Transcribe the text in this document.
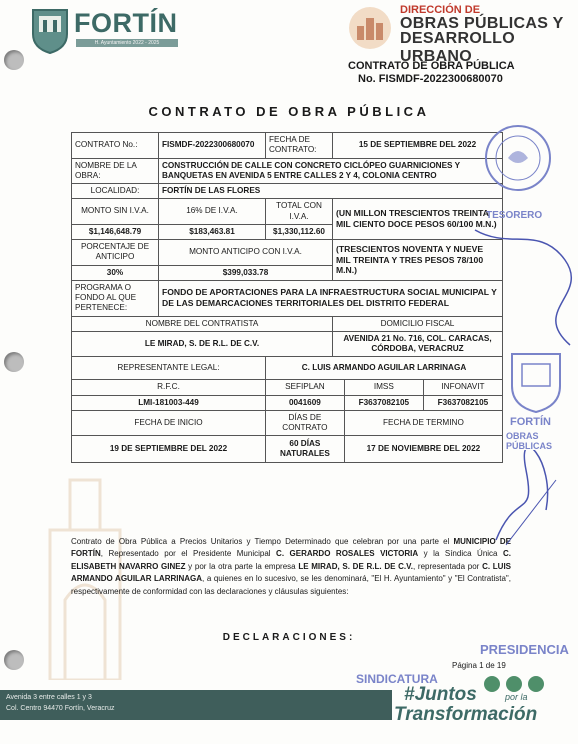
FORTÍN
H. Ayuntamiento 2022 - 2025
DIRECCIÓN DE
OBRAS PÚBLICAS Y
DESARROLLO URBANO
CONTRATO DE OBRA PÚBLICA
No. FISMDF-2022300680070
CONTRATO DE OBRA PÚBLICA
CONTRATO No.:	FISMDF-2022300680070	FECHA DE CONTRATO:	15 DE SEPTIEMBRE DEL 2022		
NOMBRE DE LA OBRA:	CONSTRUCCIÓN DE CALLE CON CONCRETO CICLÓPEO GUARNICIONES Y BANQUETAS EN AVENIDA 5 ENTRE CALLES 2 Y 4, COLONIA CENTRO				
LOCALIDAD:	FORTÍN DE LAS FLORES				
MONTO SIN I.V.A.	16% DE I.V.A.	TOTAL CON I.V.A.	(UN MILLON TRESCIENTOS TREINTA MIL CIENTO DOCE PESOS 60/100 M.N.)		
$1,146,648.79	$183,463.81	$1,330,112.60			
PORCENTAJE DE ANTICIPO	MONTO ANTICIPO CON I.V.A.		(TRESCIENTOS NOVENTA Y NUEVE MIL TREINTA Y TRES PESOS 78/100 M.N.)		
30%	$399,033.78				
PROGRAMA O FONDO AL QUE PERTENECE:	FONDO DE APORTACIONES PARA LA INFRAESTRUCTURA SOCIAL MUNICIPAL Y DE LAS DEMARCACIONES TERRITORIALES DEL DISTRITO FEDERAL				
NOMBRE DEL CONTRATISTA			DOMICILIO FISCAL		
LE MIRAD, S. DE R.L. DE C.V.			AVENIDA 21 No. 716, COL. CARACAS, CÓRDOBA, VERACRUZ		
REPRESENTANTE LEGAL:		C. LUIS ARMANDO AGUILAR LARRINAGA			
R.F.C.		SEFIPLAN		IMSS	INFONAVIT
LMI-181003-449		0041609		F3637082105	F3637082105
FECHA DE INICIO		DÍAS DE CONTRATO		FECHA DE TERMINO	
19 DE SEPTIEMBRE DEL 2022		60 DÍAS NATURALES		17 DE NOVIEMBRE DEL 2022	
Contrato de Obra Pública a Precios Unitarios y Tiempo Determinado que celebran por una parte el MUNICIPIO DE FORTÍN, Representado por el Presidente Municipal C. GERARDO ROSALES VICTORIA y la Síndica Única C. ELISABETH NAVARRO GINEZ y por la otra parte la empresa LE MIRAD, S. DE R.L. DE C.V., representada por C. LUIS ARMANDO AGUILAR LARRINAGA, a quienes en lo sucesivo, se les denominará, "El H. Ayuntamiento" y "El Contratista", respectivamente de conformidad con las declaraciones y cláusulas siguientes:
DECLARACIONES:
Página 1 de 19
TESORERO
FORTÍN
OBRAS PÚBLICAS
PRESIDENCIA
SINDICATURA
Avenida 3 entre calles 1 y 3
Col. Centro 94470 Fortín, Veracruz
#Juntos	por la
Transformación
